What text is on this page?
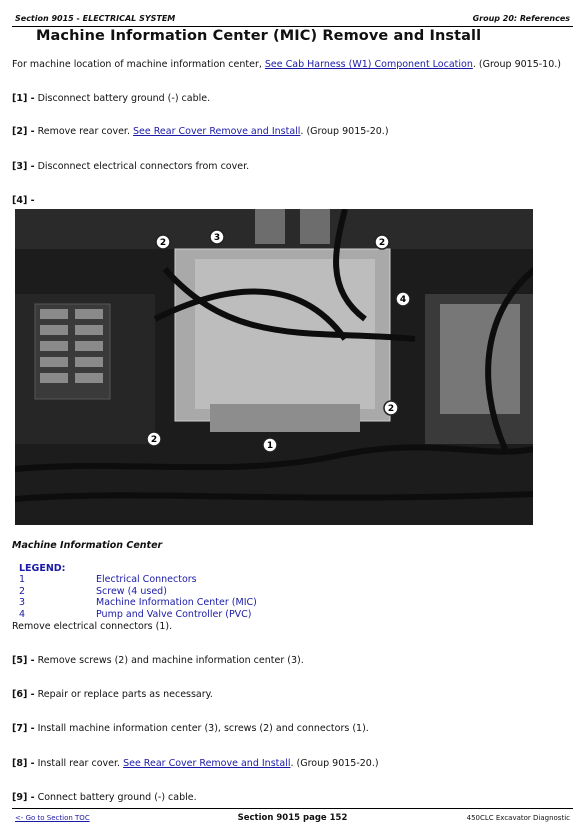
Section 9015 - ELECTRICAL SYSTEM	Group 20: References
Machine Information Center (MIC) Remove and Install
For machine location of machine information center, See Cab Harness (W1) Component Location. (Group 9015-10.)
[1] - Disconnect battery ground (-) cable.
[2] - Remove rear cover. See Rear Cover Remove and Install. (Group 9015-20.)
[3] - Disconnect electrical connectors from cover.
[4] -
2	3	2
4
2
2
1
Machine Information Center
LEGEND:
1	Electrical Connectors
2	Screw (4 used)
3	Machine Information Center (MIC)
4	Pump and Valve Controller (PVC)
Remove electrical connectors (1).
[5] - Remove screws (2) and machine information center (3).
[6] - Repair or replace parts as necessary.
[7] - Install machine information center (3), screws (2) and connectors (1).
[8] - Install rear cover. See Rear Cover Remove and Install. (Group 9015-20.)
[9] - Connect battery ground (-) cable.
<- Go to Section TOC	Section 9015 page 152	450CLC Excavator Diagnostic
